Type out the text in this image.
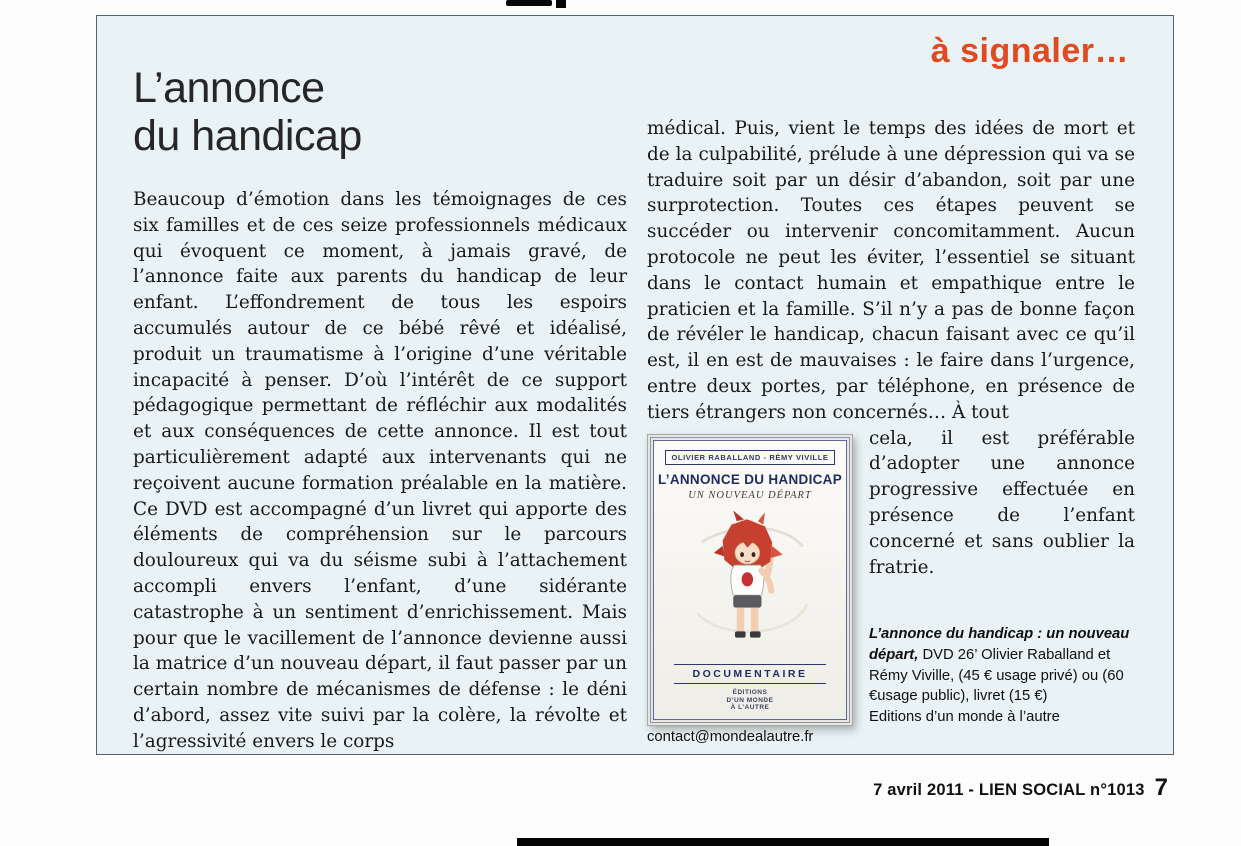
à signaler…
L’annonce
du handicap

Beaucoup d’émotion dans les témoignages de ces six familles et de ces seize professionnels médicaux qui évoquent ce moment, à jamais gravé, de l’annonce faite aux parents du handicap de leur enfant. L’effondrement de tous les espoirs accumulés autour de ce bébé rêvé et idéalisé, produit un traumatisme à l’origine d’une véritable incapacité à penser. D’où l’intérêt de ce support pédagogique permettant de réfléchir aux modalités et aux conséquences de cette annonce. Il est tout particulièrement adapté aux intervenants qui ne reçoivent aucune formation préalable en la matière. Ce DVD est accompagné d’un livret qui apporte des éléments de compréhension sur le parcours douloureux qui va du séisme subi à l’attachement accompli envers l’enfant, d’une sidérante catastrophe à un sentiment d’enrichissement. Mais pour que le vacillement de l’annonce devienne aussi la matrice d’un nouveau départ, il faut passer par un certain nombre de mécanismes de défense : le déni d’abord, assez vite suivi par la colère, la révolte et l’agressivité envers le corps

médical. Puis, vient le temps des idées de mort et de la culpabilité, prélude à une dépression qui va se traduire soit par un désir d’abandon, soit par une surprotection. Toutes ces étapes peuvent se succéder ou intervenir concomitamment. Aucun protocole ne peut les éviter, l’essentiel se situant dans le contact humain et empathique entre le praticien et la famille. S’il n’y a pas de bonne façon de révéler le handicap, chacun faisant avec ce qu’il est, il en est de mauvaises : le faire dans l’urgence, entre deux portes, par téléphone, en présence de tiers étrangers non concernés… À tout

OLIVIER RABALLAND - RÉMY VIVILLE
L’ANNONCE DU HANDICAP
UN NOUVEAU DÉPART
DOCUMENTAIRE
ÉDITIONS
D’UN MONDE
À L’AUTRE

cela, il est préférable d’adopter une annonce progressive effectuée en présence de l’enfant concerné et sans oublier la fratrie.

L’annonce du handicap : un nouveau départ, DVD 26’ Olivier Raballand et Rémy Viville, (45 € usage privé) ou (60 €usage public), livret (15 €)
Editions d’un monde à l’autre
contact@mondealautre.fr

7 avril 2011 - LIEN SOCIAL n°1013 7
